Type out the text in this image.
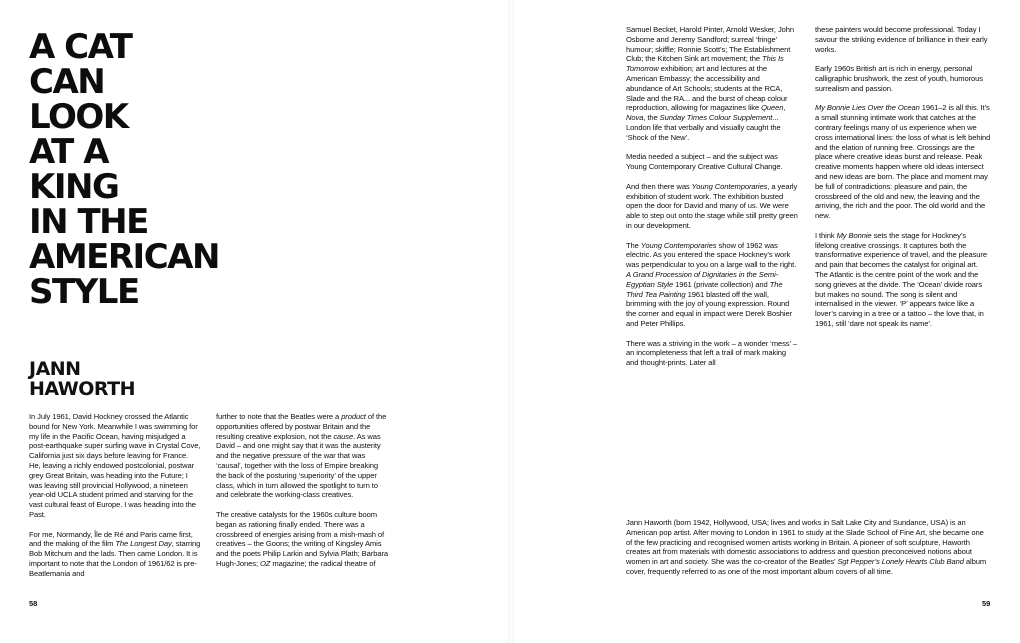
A CAT
CAN
LOOK
AT A
KING
IN THE
AMERICAN
STYLE
JANN
HAWORTH

In July 1961, David Hockney crossed the Atlantic bound for New York. Meanwhile I was swimming for my life in the Pacific Ocean, having misjudged a post-earthquake super surfing wave in Crystal Cove, California just six days before leaving for France. He, leaving a richly endowed postcolonial, postwar grey Great Britain, was heading into the Future; I was leaving still provincial Hollywood, a nineteen year-old UCLA student primed and starving for the vast cultural feast of Europe. I was heading into the Past.

For me, Normandy, Île de Ré and Paris came first, and the making of the film The Longest Day, starring Bob Mitchum and the lads. Then came London. It is important to note that the London of 1961/62 is pre-Beatlemania and

further to note that the Beatles were a product of the opportunities offered by postwar Britain and the resulting creative explosion, not the cause. As was David – and one might say that it was the austerity and the negative pressure of the war that was ‘causal’, together with the loss of Empire breaking the back of the posturing ‘superiority’ of the upper class, which in turn allowed the spotlight to turn to and celebrate the working-class creatives.

The creative catalysts for the 1960s culture boom began as rationing finally ended. There was a crossbreed of energies arising from a mish-mash of creatives – the Goons; the writing of Kingsley Amis and the poets Philip Larkin and Sylvia Plath; Barbara Hugh-Jones; OZ magazine; the radical theatre of

Samuel Becket, Harold Pinter, Arnold Wesker, John Osborne and Jeremy Sandford; surreal ‘fringe’ humour; skiffle; Ronnie Scott’s; The Establishment Club; the Kitchen Sink art movement; the This Is Tomorrow exhibition; art and lectures at the American Embassy; the accessibility and abundance of Art Schools; students at the RCA, Slade and the RA... and the burst of cheap colour reproduction, allowing for magazines like Queen, Nova, the Sunday Times Colour Supplement... London life that verbally and visually caught the ‘Shock of the New’.

Media needed a subject – and the subject was Young Contemporary Creative Cultural Change.

And then there was Young Contemporaries, a yearly exhibition of student work. The exhibition busted open the door for David and many of us. We were able to step out onto the stage while still pretty green in our development.

The Young Contemporaries show of 1962 was electric. As you entered the space Hockney’s work was perpendicular to you on a large wall to the right. A Grand Procession of Dignitaries in the Semi-Egyptian Style 1961 (private collection) and The Third Tea Painting 1961 blasted off the wall, brimming with the joy of young expression. Round the corner and equal in impact were Derek Boshier and Peter Phillips.

There was a striving in the work – a wonder ‘mess’ – an incompleteness that left a trail of mark making and thought-prints. Later all

these painters would become professional. Today I savour the striking evidence of brilliance in their early works.

Early 1960s British art is rich in energy, personal calligraphic brushwork, the zest of youth, humorous surrealism and passion.

My Bonnie Lies Over the Ocean 1961–2 is all this. It’s a small stunning intimate work that catches at the contrary feelings many of us experience when we cross international lines: the loss of what is left behind and the elation of running free. Crossings are the place where creative ideas burst and release. Peak creative moments happen where old ideas intersect and new ideas are born. The place and moment may be full of contradictions: pleasure and pain, the crossbreed of the old and new, the leaving and the arriving, the rich and the poor. The old world and the new.

I think My Bonnie sets the stage for Hockney’s lifelong creative crossings. It captures both the transformative experience of travel, and the pleasure and pain that becomes the catalyst for original art. The Atlantic is the centre point of the work and the song grieves at the divide. The ‘Ocean’ divide roars but makes no sound. The song is silent and internalised in the viewer. ‘P’ appears twice like a lover’s carving in a tree or a tattoo – the love that, in 1961, still ‘dare not speak its name’.

Jann Haworth (born 1942, Hollywood, USA; lives and works in Salt Lake City and Sundance, USA) is an American pop artist. After moving to London in 1961 to study at the Slade School of Fine Art, she became one of the few practicing and recognised women artists working in Britain. A pioneer of soft sculpture, Haworth creates art from materials with domestic associations to address and question preconceived notions about women in art and society. She was the co-creator of the Beatles’ Sgt Pepper’s Lonely Hearts Club Band album cover, frequently referred to as one of the most important album covers of all time.

58	59
